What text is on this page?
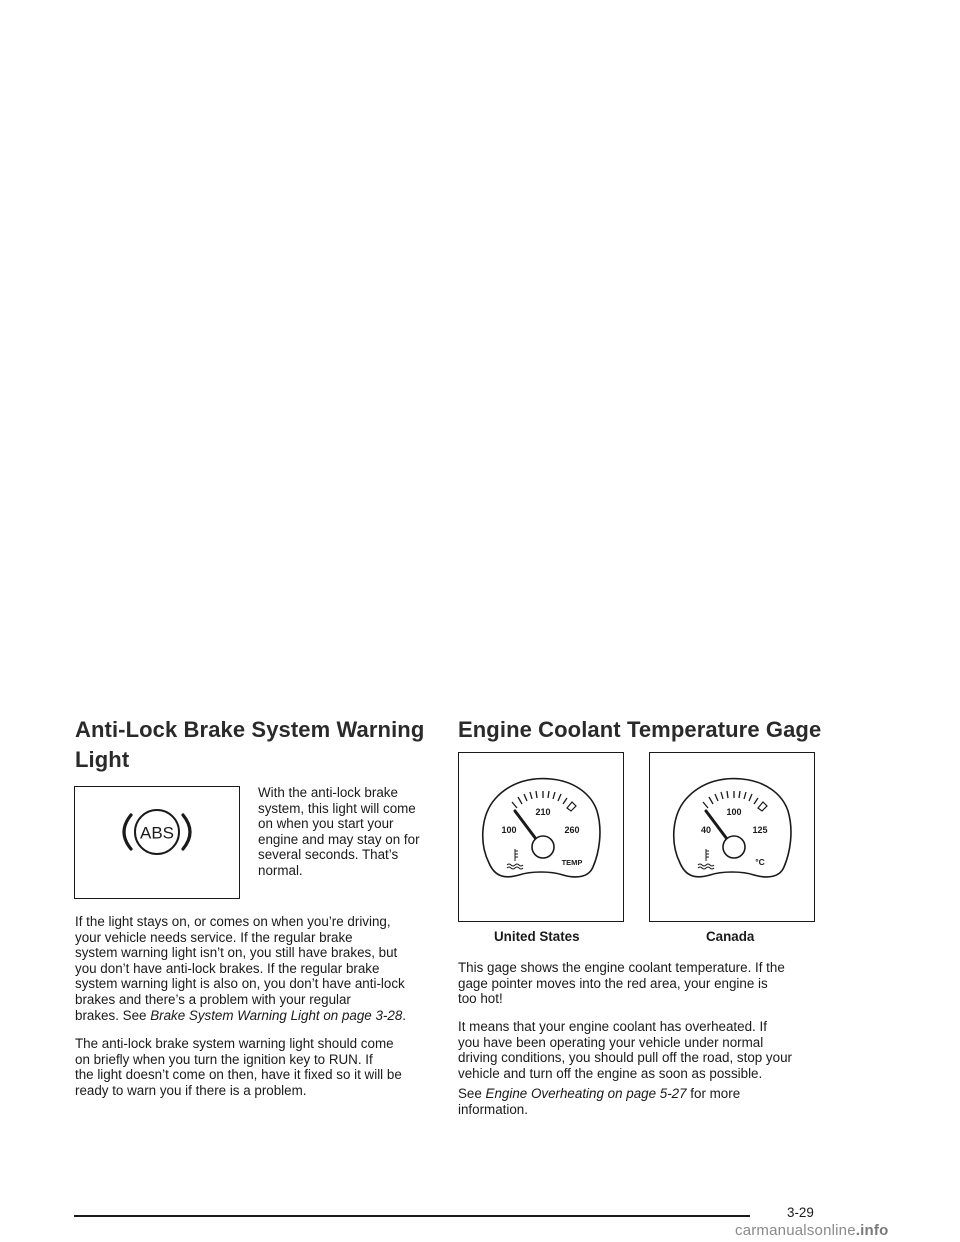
Anti-Lock Brake System Warning
Light
ABS
With the anti-lock brake
system, this light will come
on when you start your
engine and may stay on for
several seconds. That’s
normal.
If the light stays on, or comes on when you’re driving,
your vehicle needs service. If the regular brake
system warning light isn’t on, you still have brakes, but
you don’t have anti-lock brakes. If the regular brake
system warning light is also on, you don’t have anti-lock
brakes and there’s a problem with your regular
brakes. See Brake System Warning Light on page 3-28.
The anti-lock brake system warning light should come
on briefly when you turn the ignition key to RUN. If
the light doesn’t come on then, have it fixed so it will be
ready to warn you if there is a problem.
Engine Coolant Temperature Gage
100
210
260
TEMP
United States
40
100
125
°C
Canada
This gage shows the engine coolant temperature. If the
gage pointer moves into the red area, your engine is
too hot!
It means that your engine coolant has overheated. If
you have been operating your vehicle under normal
driving conditions, you should pull off the road, stop your
vehicle and turn off the engine as soon as possible.
See Engine Overheating on page 5-27 for more
information.
3-29
carmanualsonline.info
